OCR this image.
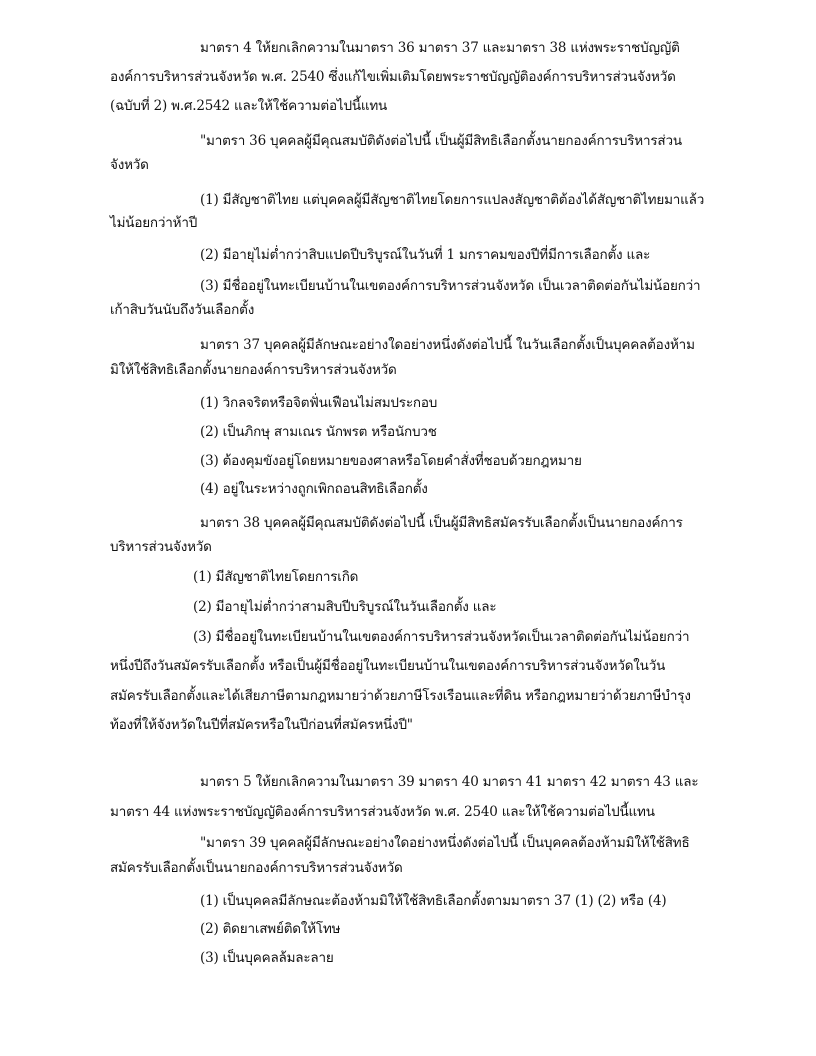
มาตรา 4 ให้ยกเลิกความในมาตรา 36 มาตรา 37 และมาตรา 38 แห่งพระราชบัญญัติ
องค์การบริหารส่วนจังหวัด พ.ศ. 2540 ซึ่งแก้ไขเพิ่มเติมโดยพระราชบัญญัติองค์การบริหารส่วนจังหวัด
(ฉบับที่ 2) พ.ศ.2542 และให้ใช้ความต่อไปนี้แทน
"มาตรา 36 บุคคลผู้มีคุณสมบัติดังต่อไปนี้ เป็นผู้มีสิทธิเลือกตั้งนายกองค์การบริหารส่วน
จังหวัด
(1) มีสัญชาติไทย แต่บุคคลผู้มีสัญชาติไทยโดยการแปลงสัญชาติต้องได้สัญชาติไทยมาแล้ว
ไม่น้อยกว่าห้าปี
(2) มีอายุไม่ต่ำกว่าสิบแปดปีบริบูรณ์ในวันที่ 1 มกราคมของปีที่มีการเลือกตั้ง และ
(3) มีชื่ออยู่ในทะเบียนบ้านในเขตองค์การบริหารส่วนจังหวัด เป็นเวลาติดต่อกันไม่น้อยกว่า
เก้าสิบวันนับถึงวันเลือกตั้ง
มาตรา 37 บุคคลผู้มีลักษณะอย่างใดอย่างหนึ่งดังต่อไปนี้ ในวันเลือกตั้งเป็นบุคคลต้องห้าม
มิให้ใช้สิทธิเลือกตั้งนายกองค์การบริหารส่วนจังหวัด
(1) วิกลจริตหรือจิตฟั่นเฟือนไม่สมประกอบ
(2) เป็นภิกษุ สามเณร นักพรต หรือนักบวช
(3) ต้องคุมขังอยู่โดยหมายของศาลหรือโดยคำสั่งที่ชอบด้วยกฎหมาย
(4) อยู่ในระหว่างถูกเพิกถอนสิทธิเลือกตั้ง
มาตรา 38 บุคคลผู้มีคุณสมบัติดังต่อไปนี้ เป็นผู้มีสิทธิสมัครรับเลือกตั้งเป็นนายกองค์การ
บริหารส่วนจังหวัด
(1) มีสัญชาติไทยโดยการเกิด
(2) มีอายุไม่ต่ำกว่าสามสิบปีบริบูรณ์ในวันเลือกตั้ง และ
(3) มีชื่ออยู่ในทะเบียนบ้านในเขตองค์การบริหารส่วนจังหวัดเป็นเวลาติดต่อกันไม่น้อยกว่า
หนึ่งปีถึงวันสมัครรับเลือกตั้ง หรือเป็นผู้มีชื่ออยู่ในทะเบียนบ้านในเขตองค์การบริหารส่วนจังหวัดในวัน
สมัครรับเลือกตั้งและได้เสียภาษีตามกฎหมายว่าด้วยภาษีโรงเรือนและที่ดิน หรือกฎหมายว่าด้วยภาษีบำรุง
ท้องที่ให้จังหวัดในปีที่สมัครหรือในปีก่อนที่สมัครหนึ่งปี"
มาตรา 5 ให้ยกเลิกความในมาตรา 39 มาตรา 40 มาตรา 41 มาตรา 42 มาตรา 43 และ
มาตรา 44 แห่งพระราชบัญญัติองค์การบริหารส่วนจังหวัด พ.ศ. 2540 และให้ใช้ความต่อไปนี้แทน
"มาตรา 39 บุคคลผู้มีลักษณะอย่างใดอย่างหนึ่งดังต่อไปนี้ เป็นบุคคลต้องห้ามมิให้ใช้สิทธิ
สมัครรับเลือกตั้งเป็นนายกองค์การบริหารส่วนจังหวัด
(1) เป็นบุคคลมีลักษณะต้องห้ามมิให้ใช้สิทธิเลือกตั้งตามมาตรา 37 (1) (2) หรือ (4)
(2) ติดยาเสพย์ติดให้โทษ
(3) เป็นบุคคลล้มละลาย
